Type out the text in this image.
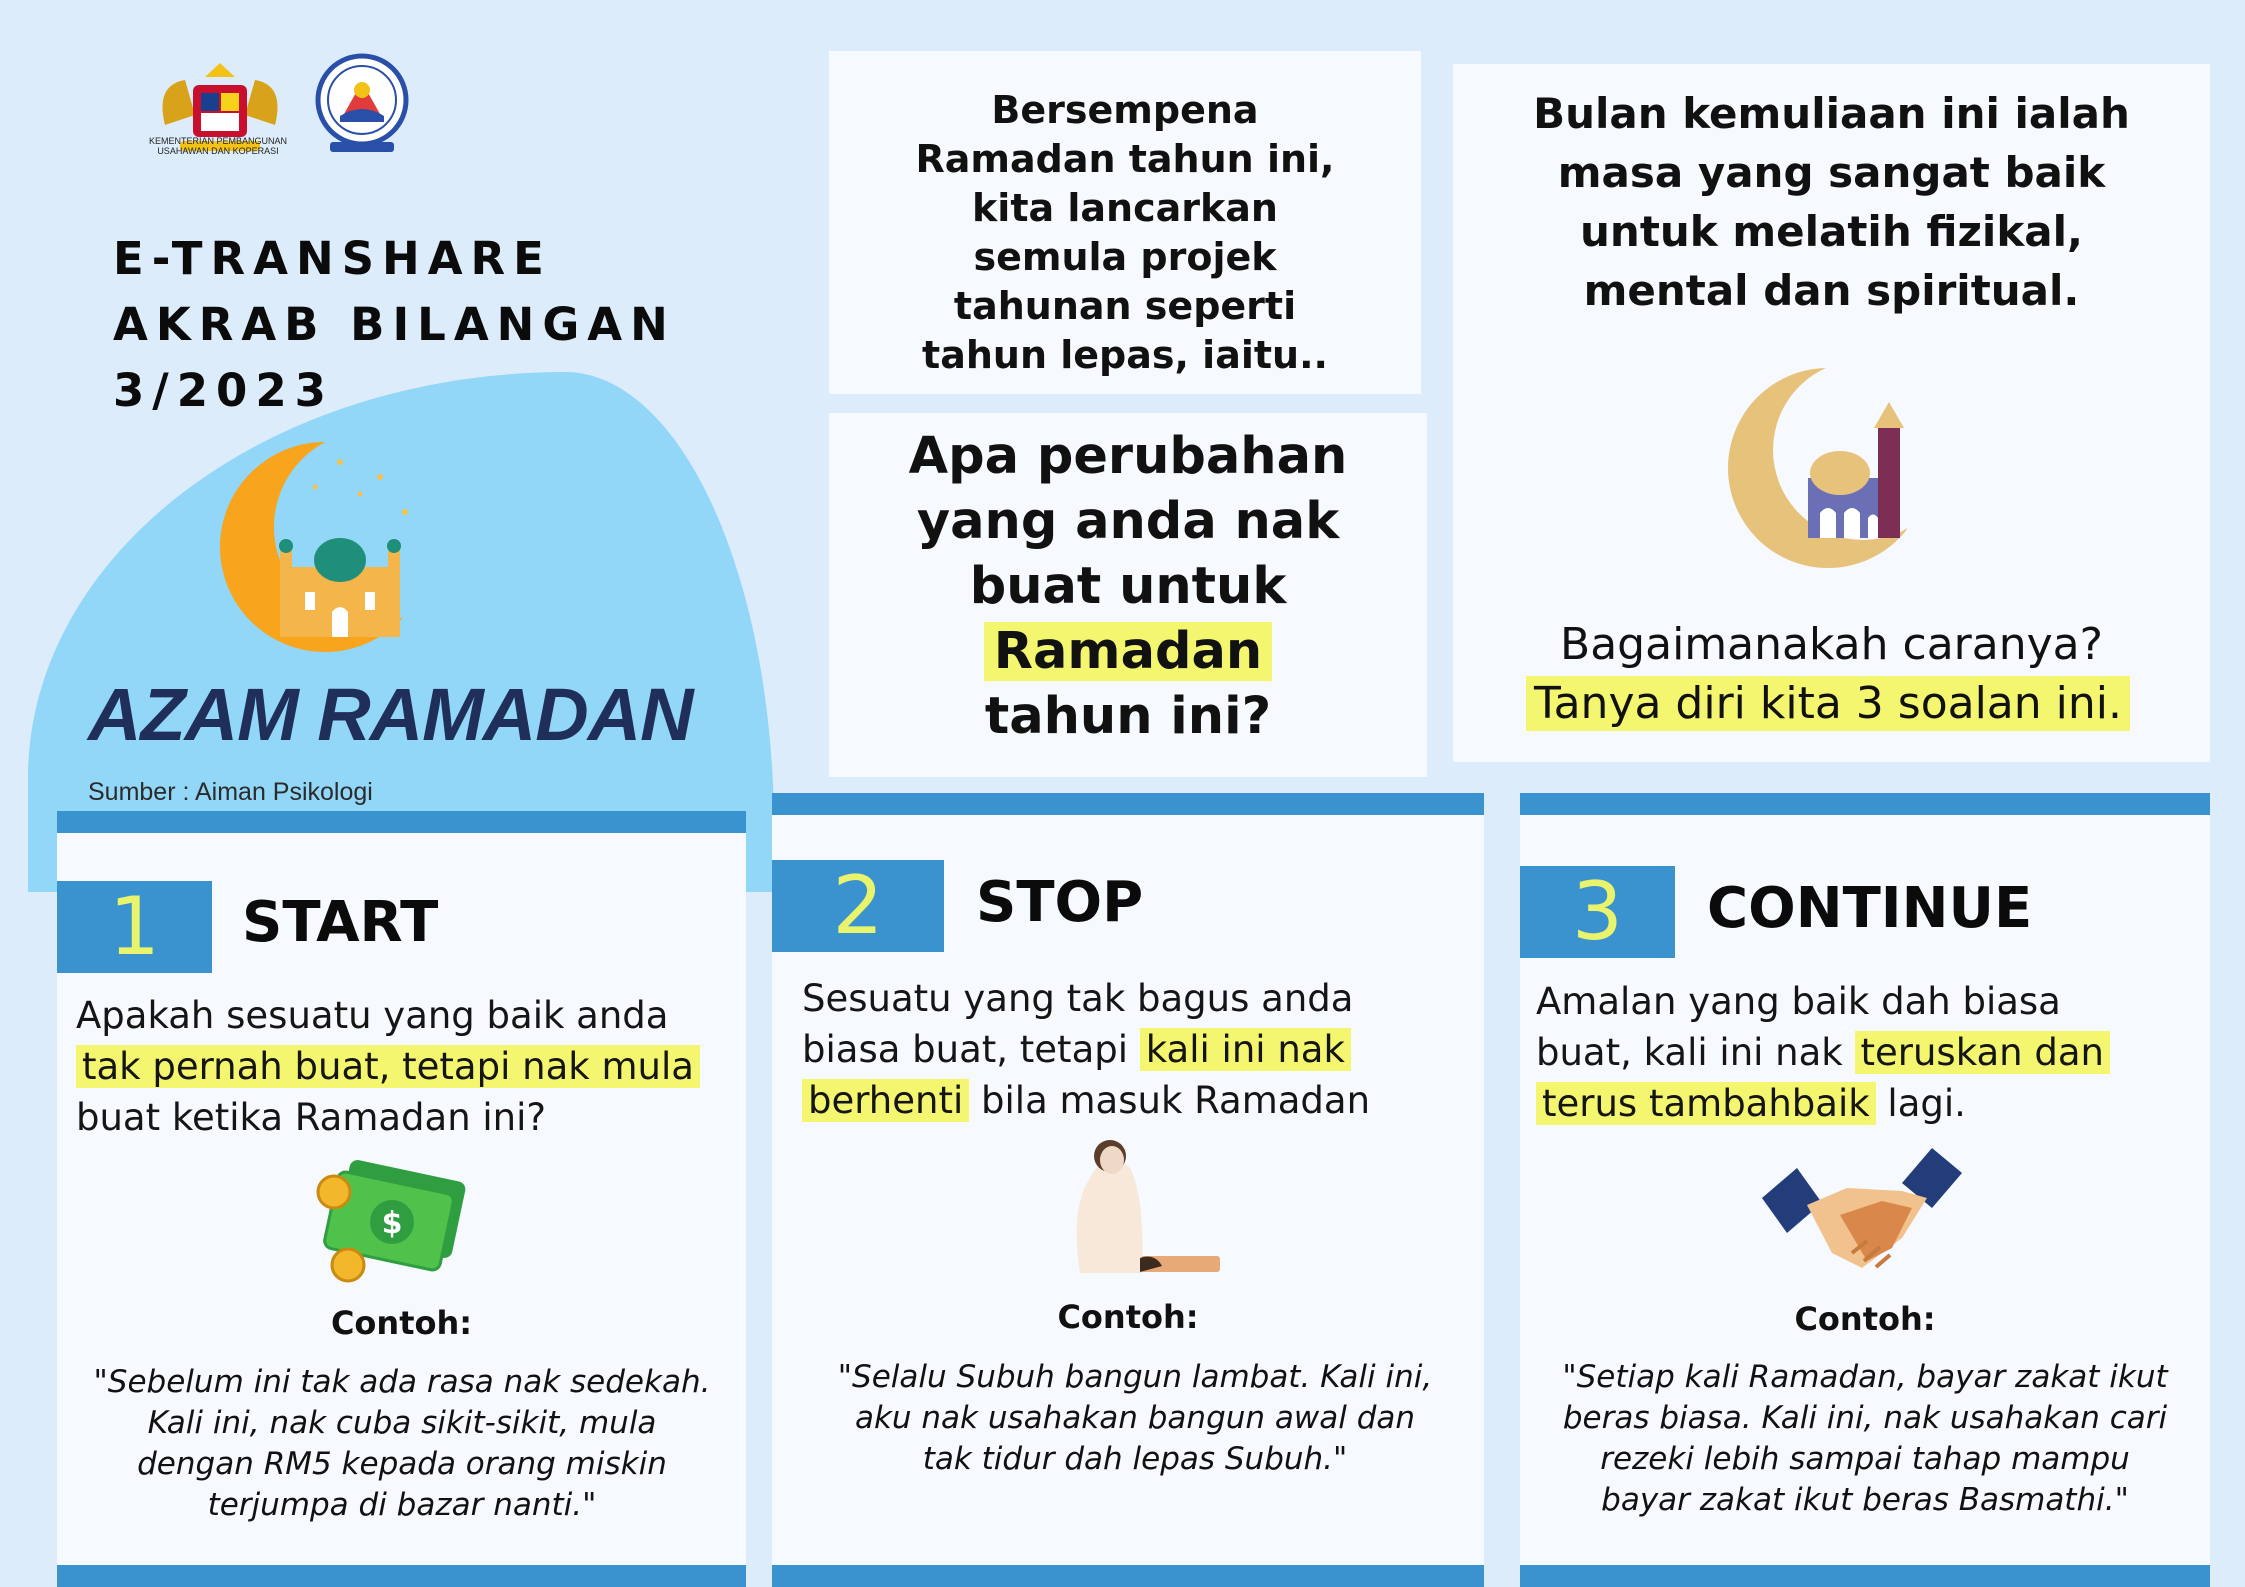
KEMENTERIAN PEMBANGUNAN USAHAWAN DAN KOPERASI
E-TRANSHARE
AKRAB BILANGAN
3/2023
AZAM RAMADAN
Sumber : Aiman Psikologi
Bersempena
Ramadan tahun ini,
kita lancarkan
semula projek
tahunan seperti
tahun lepas, iaitu..
Apa perubahan
yang anda nak
buat untuk
Ramadan
tahun ini?
Bulan kemuliaan ini ialah
masa yang sangat baik
untuk melatih fizikal,
mental dan spiritual.
Bagaimanakah caranya?
Tanya diri kita 3 soalan ini.
1	START
Apakah sesuatu yang baik anda
tak pernah buat, tetapi nak mula
buat ketika Ramadan ini?
$
Contoh:
"Sebelum ini tak ada rasa nak sedekah.
Kali ini, nak cuba sikit-sikit, mula
dengan RM5 kepada orang miskin
terjumpa di bazar nanti."
2	STOP
Sesuatu yang tak bagus anda
biasa buat, tetapi kali ini nak
berhenti bila masuk Ramadan
Contoh:
"Selalu Subuh bangun lambat. Kali ini,
aku nak usahakan bangun awal dan
tak tidur dah lepas Subuh."
3	CONTINUE
Amalan yang baik dah biasa
buat, kali ini nak teruskan dan
terus tambahbaik lagi.
Contoh:
"Setiap kali Ramadan, bayar zakat ikut
beras biasa. Kali ini, nak usahakan cari
rezeki lebih sampai tahap mampu
bayar zakat ikut beras Basmathi."
